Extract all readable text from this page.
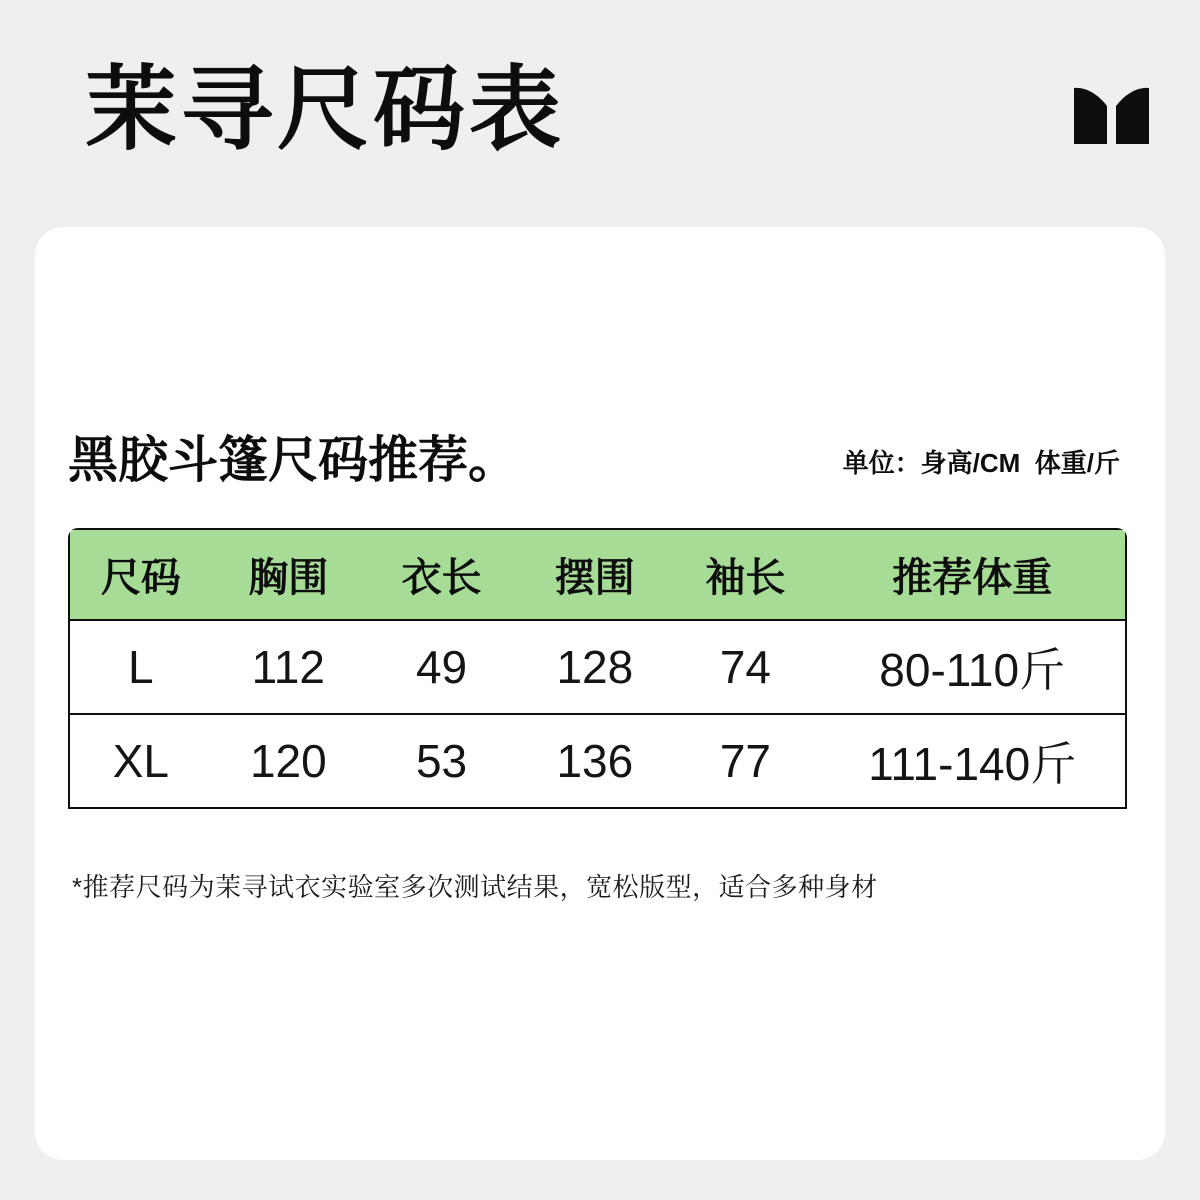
茉寻尺码表
黑胶斗篷尺码推荐。	单位：身高/CM  体重/斤
尺码	胸围	衣长	摆围	袖长	推荐体重
L	112	49	128	74	80-110斤
XL	120	53	136	77	111-140斤

*推荐尺码为茉寻试衣实验室多次测试结果，宽松版型，适合多种身材
